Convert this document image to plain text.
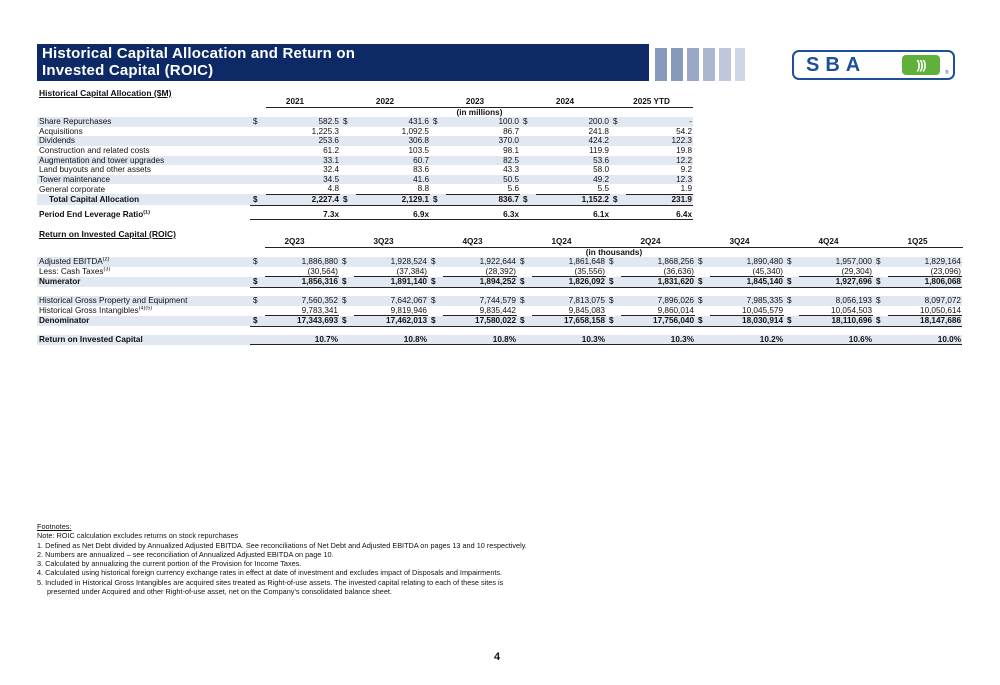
Historical Capital Allocation and Return on
Invested Capital (ROIC)	SBA	)))
®
Historical Capital Allocation ($M)
	2021		2022		2023		2024		2025 YTD	
		(in millions)								
Share Repurchases	$	582.5	$	431.6	$	100.0	$	200.0	$	-
Acquisitions		1,225.3		1,092.5		86.7		241.8		54.2
Dividends		253.6		306.8		370.0		424.2		122.3
Construction and related costs		61.2		103.5		98.1		119.9		19.8
Augmentation and tower upgrades		33.1		60.7		82.5		53.6		12.2
Land buyouts and other assets		32.4		83.6		43.3		58.0		9.2
Tower maintenance		34.5		41.6		50.5		49.2		12.3
General corporate		4.8		8.8		5.6		5.5		1.9
Total Capital Allocation	$	2,227.4	$	2,129.1	$	836.7	$	1,152.2	$	231.9

Period End Leverage Ratio$^{(1)}$		7.3x		6.9x		6.3x		6.1x		6.4x
Return on Invested Capital (ROIC)
	2Q23		3Q23		4Q23		1Q24		2Q24		3Q24		4Q24		1Q25	
		(in thousands)														
Adjusted EBITDA$^{(2)}$	$	1,886,880	$	1,928,524	$	1,922,644	$	1,861,648	$	1,868,256	$	1,890,480	$	1,957,000	$	1,829,164
Less: Cash Taxes$^{(3)}$		(30,564)		(37,384)		(28,392)		(35,556)		(36,636)		(45,340)		(29,304)		(23,096)
Numerator	$	1,856,316	$	1,891,140	$	1,894,252	$	1,826,092	$	1,831,620	$	1,845,140	$	1,927,696	$	1,806,068

Historical Gross Property and Equipment	$	7,560,352	$	7,642,067	$	7,744,579	$	7,813,075	$	7,896,026	$	7,985,335	$	8,056,193	$	8,097,072
Historical Gross Intangibles$^{(4)(5)}$		9,783,341		9,819,946		9,835,442		9,845,083		9,860,014		10,045,579		10,054,503		10,050,614
Denominator	$	17,343,693	$	17,462,013	$	17,580,022	$	17,658,158	$	17,756,040	$	18,030,914	$	18,110,696	$	18,147,686

Return on Invested Capital		10.7%		10.8%		10.8%		10.3%		10.3%		10.2%		10.6%		10.0%
Footnotes:
Note: ROIC calculation excludes returns on stock repurchases
1. Defined as Net Debt divided by Annualized Adjusted EBITDA. See reconciliations of Net Debt and Adjusted EBITDA on pages 13 and 10 respectively.
2. Numbers are annualized – see reconciliation of Annualized Adjusted EBITDA on page 10.
3. Calculated by annualizing the current portion of the Provision for Income Taxes.
4. Calculated using historical foreign currency exchange rates in effect at date of investment and excludes impact of Disposals and Impairments.
5. Included in Historical Gross Intangibles are acquired sites treated as Right-of-use assets. The invested capital relating to each of these sites is
presented under Acquired and other Right-of-use asset, net on the Company's consolidated balance sheet.
4
